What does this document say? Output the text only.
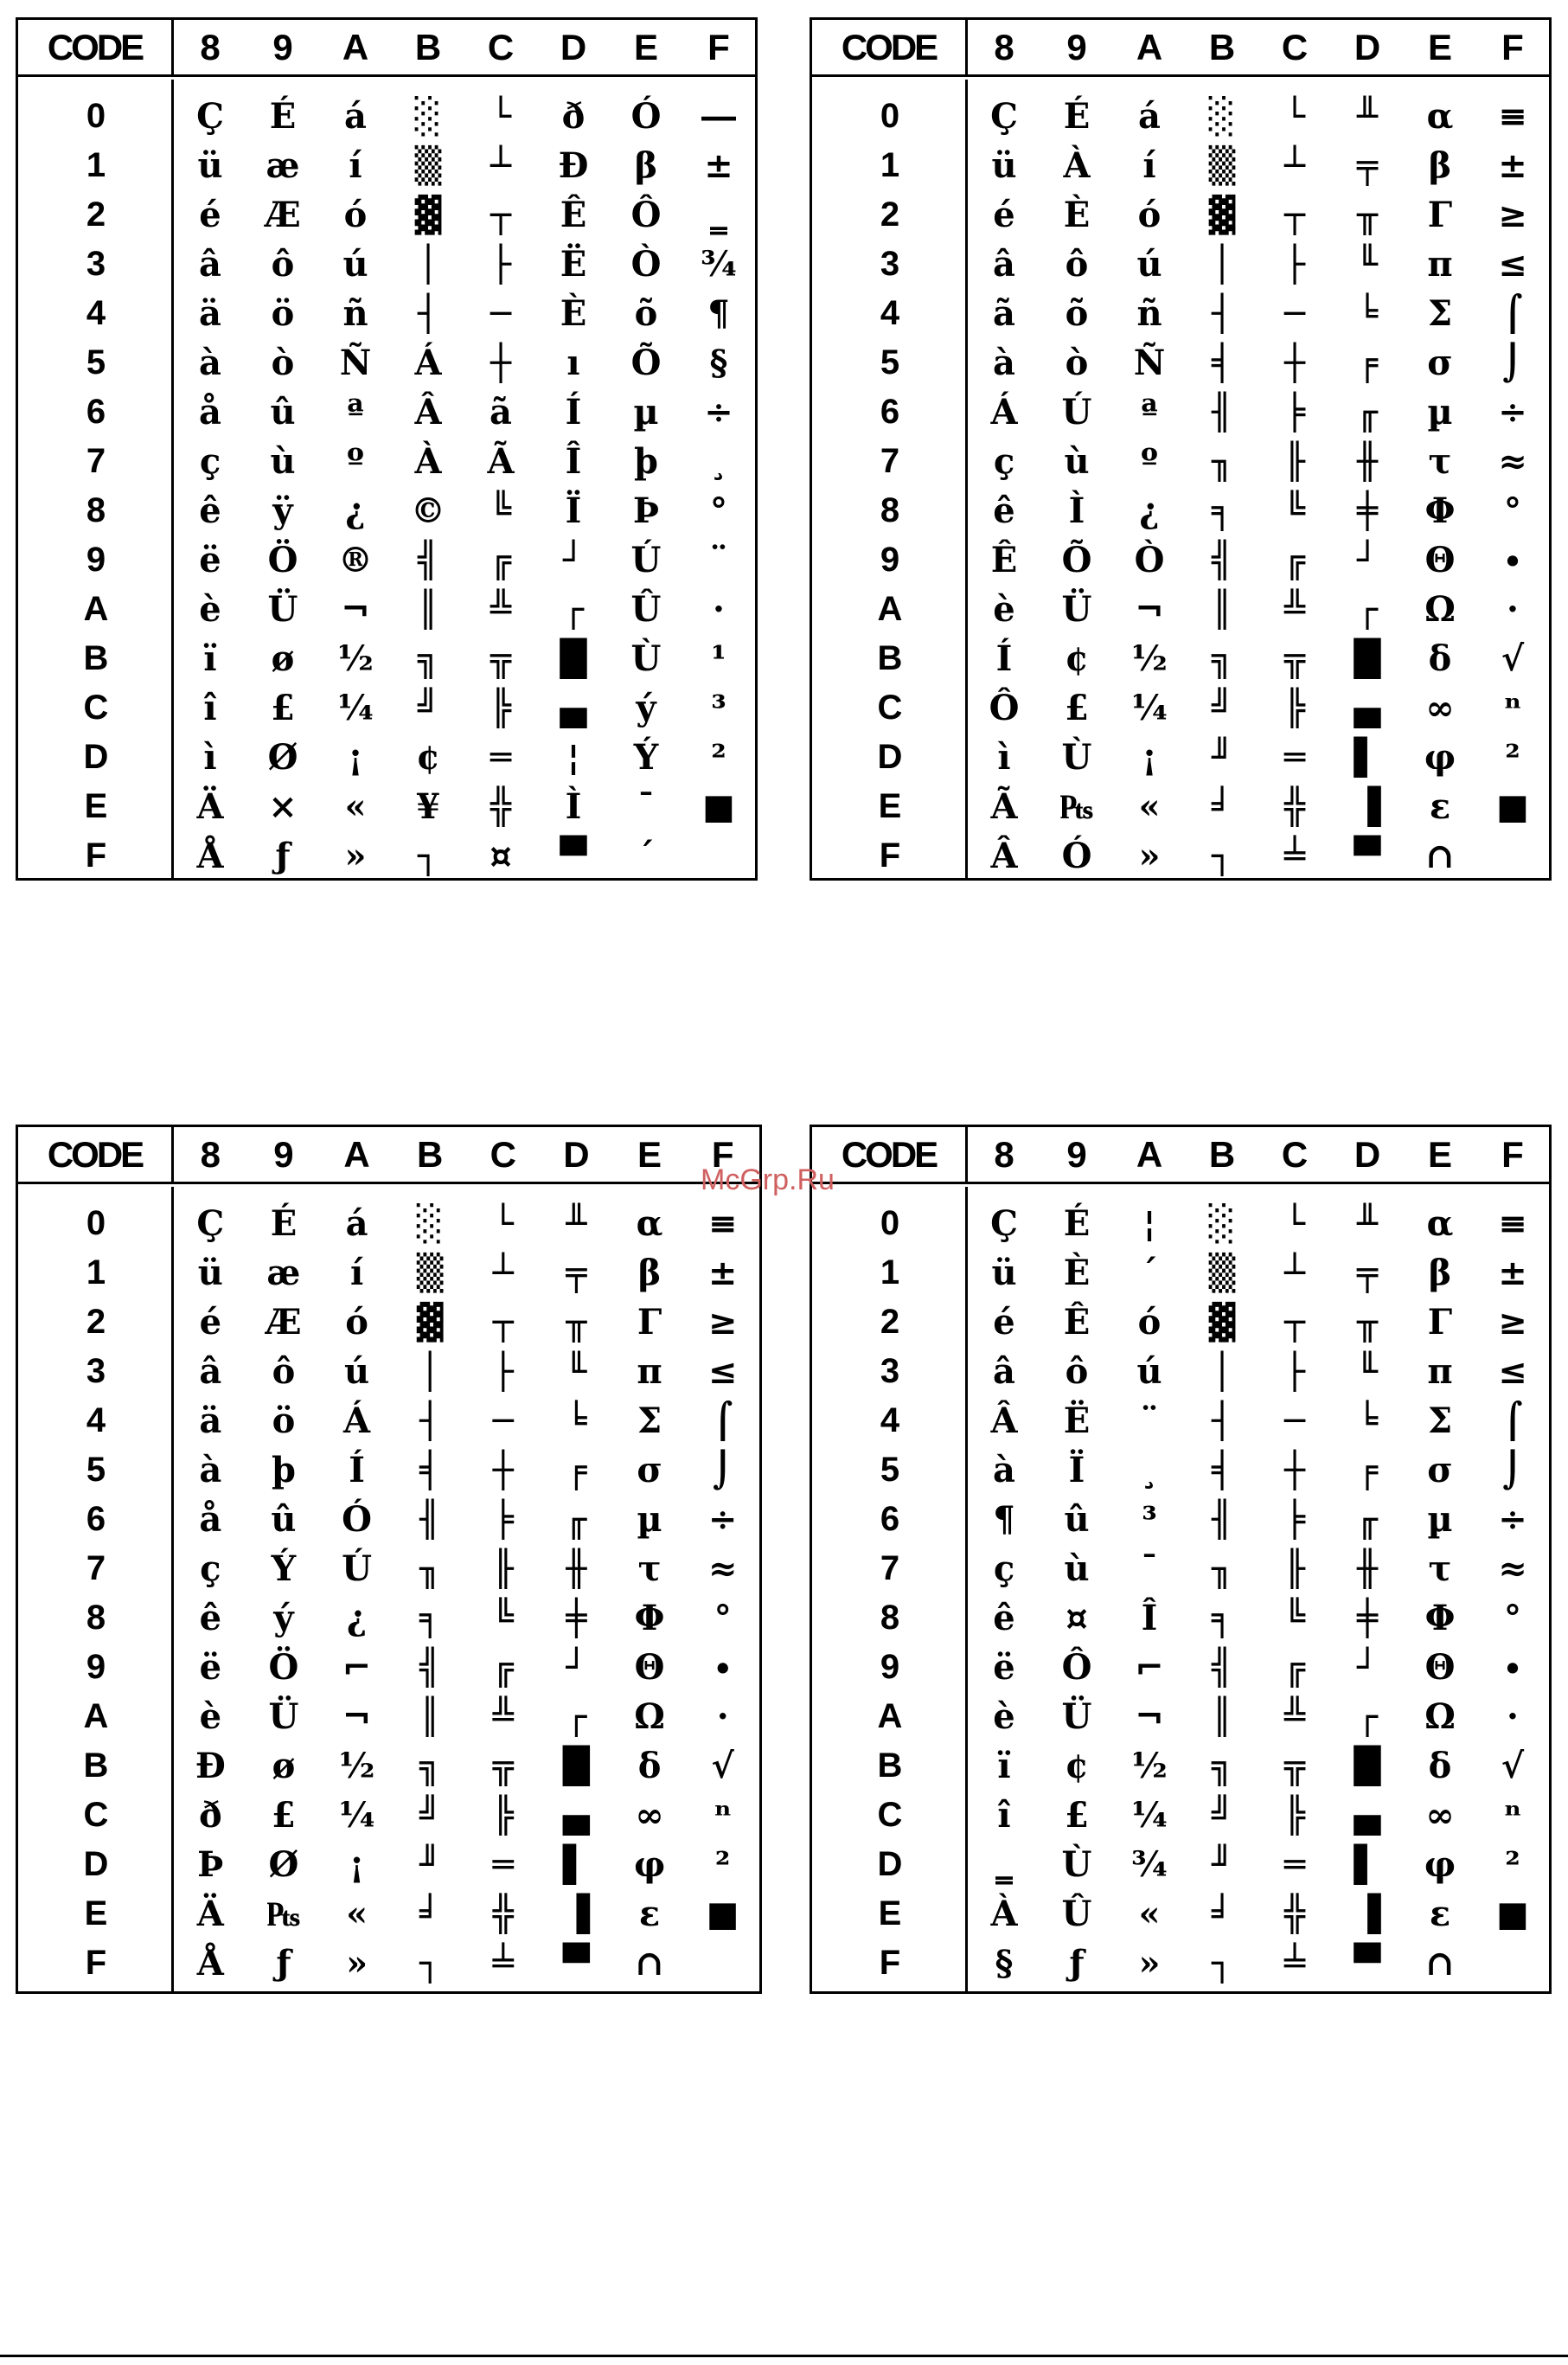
CODE	8	9	A	B	C	D	E	F
0	Ç	É	á	░	└	ð	Ó	―
1	ü	æ	í	▒	┴	Ð	β	±
2	é	Æ	ó	▓	┬	Ê	Ô	‗
3	â	ô	ú	│	├	Ë	Ò	¾
4	ä	ö	ñ	┤	─	È	õ	¶
5	à	ò	Ñ	Á	┼	ı	Õ	§
6	å	û	ª	Â	ã	Í	µ	÷
7	ç	ù	º	À	Ã	Î	þ	¸
8	ê	ÿ	¿	©	╚	Ï	Þ	°
9	ë	Ö	®	╣	╔	┘	Ú	¨
A	è	Ü	¬	║	╩	┌	Û	·
B	ï	ø	½	╗	╦	█	Ù	¹
C	î	£	¼	╝	╠	▄	ý	³
D	ì	Ø	¡	¢	═	¦	Ý	²
E	Ä	×	«	¥	╬	Ì	¯	■
F	Å	ƒ	»	┐	¤	▀	´
CODE	8	9	A	B	C	D	E	F
0	Ç	É	á	░	└	╨	α	≡
1	ü	À	í	▒	┴	╤	β	±
2	é	È	ó	▓	┬	╥	Γ	≥
3	â	ô	ú	│	├	╙	π	≤
4	ã	õ	ñ	┤	─	╘	Σ	⌠
5	à	ò	Ñ	╡	┼	╒	σ	⌡
6	Á	Ú	ª	╢	╞	╓	µ	÷
7	ç	ù	º	╖	╟	╫	τ	≈
8	ê	Ì	¿	╕	╚	╪	Φ	°
9	Ê	Õ	Ò	╣	╔	┘	Θ	∙
A	è	Ü	¬	║	╩	┌	Ω	·
B	Í	¢	½	╗	╦	█	δ	√
C	Ô	£	¼	╝	╠	▄	∞	ⁿ
D	ì	Ù	¡	╜	═	▌	φ	²
E	Ã	₧	«	╛	╬	▐	ε	■
F	Â	Ó	»	┐	╧	▀	∩
CODE	8	9	A	B	C	D	E	F
0	Ç	É	á	░	└	╨	α	≡
1	ü	æ	í	▒	┴	╤	β	±
2	é	Æ	ó	▓	┬	╥	Γ	≥
3	â	ô	ú	│	├	╙	π	≤
4	ä	ö	Á	┤	─	╘	Σ	⌠
5	à	þ	Í	╡	┼	╒	σ	⌡
6	å	û	Ó	╢	╞	╓	µ	÷
7	ç	Ý	Ú	╖	╟	╫	τ	≈
8	ê	ý	¿	╕	╚	╪	Φ	°
9	ë	Ö	⌐	╣	╔	┘	Θ	∙
A	è	Ü	¬	║	╩	┌	Ω	·
B	Ð	ø	½	╗	╦	█	δ	√
C	ð	£	¼	╝	╠	▄	∞	ⁿ
D	Þ	Ø	¡	╜	═	▌	φ	²
E	Ä	₧	«	╛	╬	▐	ε	■
F	Å	ƒ	»	┐	╧	▀	∩
CODE	8	9	A	B	C	D	E	F
0	Ç	É	¦	░	└	╨	α	≡
1	ü	È	´	▒	┴	╤	β	±
2	é	Ê	ó	▓	┬	╥	Γ	≥
3	â	ô	ú	│	├	╙	π	≤
4	Â	Ë	¨	┤	─	╘	Σ	⌠
5	à	Ï	¸	╡	┼	╒	σ	⌡
6	¶	û	³	╢	╞	╓	µ	÷
7	ç	ù	¯	╖	╟	╫	τ	≈
8	ê	¤	Î	╕	╚	╪	Φ	°
9	ë	Ô	⌐	╣	╔	┘	Θ	∙
A	è	Ü	¬	║	╩	┌	Ω	·
B	ï	¢	½	╗	╦	█	δ	√
C	î	£	¼	╝	╠	▄	∞	ⁿ
D	‗	Ù	¾	╜	═	▌	φ	²
E	À	Û	«	╛	╬	▐	ε	■
F	§	ƒ	»	┐	╧	▀	∩
McGrp.Ru
